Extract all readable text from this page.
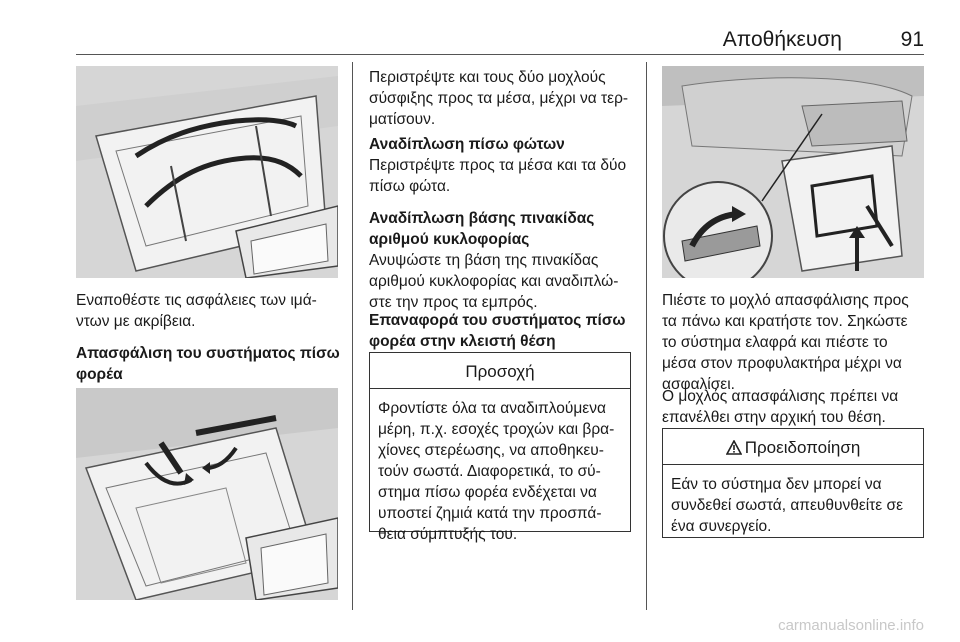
Αποθήκευση	91

Εναποθέστε τις ασφάλειες των ιμά-
ντων με ακρίβεια.

Απασφάλιση του συστήματος πίσω
φορέα

Περιστρέψτε και τους δύο μοχλούς
σύσφιξης προς τα μέσα, μέχρι να τερ-
ματίσουν.

Αναδίπλωση πίσω φώτων

Περιστρέψτε προς τα μέσα και τα δύο
πίσω φώτα.

Αναδίπλωση βάσης πινακίδας
αριθμού κυκλοφορίας

Ανυψώστε τη βάση της πινακίδας
αριθμού κυκλοφορίας και αναδιπλώ-
στε την προς τα εμπρός.

Επαναφορά του συστήματος πίσω
φορέα στην κλειστή θέση

Προσοχή
Φροντίστε όλα τα αναδιπλούμενα
μέρη, π.χ. εσοχές τροχών και βρα-
χίονες στερέωσης, να αποθηκευ-
τούν σωστά. Διαφορετικά, το σύ-
στημα πίσω φορέα ενδέχεται να
υποστεί ζημιά κατά την προσπά-
θεια σύμπτυξής του.

Πιέστε το μοχλό απασφάλισης προς
τα πάνω και κρατήστε τον. Σηκώστε
το σύστημα ελαφρά και πιέστε το
μέσα στον προφυλακτήρα μέχρι να
ασφαλίσει.

Ο μοχλός απασφάλισης πρέπει να
επανέλθει στην αρχική του θέση.

Προειδοποίηση
Εάν το σύστημα δεν μπορεί να
συνδεθεί σωστά, απευθυνθείτε σε
ένα συνεργείο.
carmanualsonline.info
